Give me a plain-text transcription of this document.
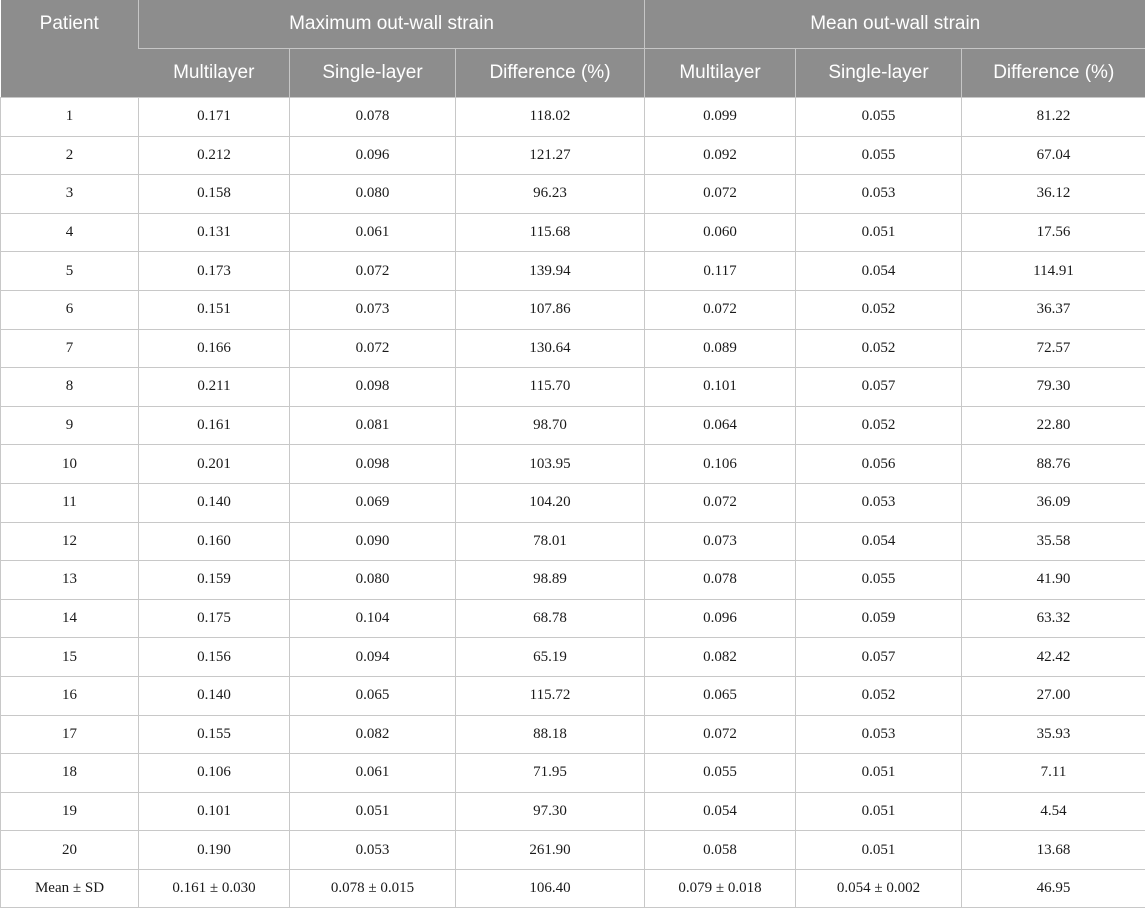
Patient	Maximum out-wall strain			Mean out-wall strain		
	Multilayer	Single-layer	Difference (%)	Multilayer	Single-layer	Difference (%)
1	0.171	0.078	118.02	0.099	0.055	81.22
2	0.212	0.096	121.27	0.092	0.055	67.04
3	0.158	0.080	96.23	0.072	0.053	36.12
4	0.131	0.061	115.68	0.060	0.051	17.56
5	0.173	0.072	139.94	0.117	0.054	114.91
6	0.151	0.073	107.86	0.072	0.052	36.37
7	0.166	0.072	130.64	0.089	0.052	72.57
8	0.211	0.098	115.70	0.101	0.057	79.30
9	0.161	0.081	98.70	0.064	0.052	22.80
10	0.201	0.098	103.95	0.106	0.056	88.76
11	0.140	0.069	104.20	0.072	0.053	36.09
12	0.160	0.090	78.01	0.073	0.054	35.58
13	0.159	0.080	98.89	0.078	0.055	41.90
14	0.175	0.104	68.78	0.096	0.059	63.32
15	0.156	0.094	65.19	0.082	0.057	42.42
16	0.140	0.065	115.72	0.065	0.052	27.00
17	0.155	0.082	88.18	0.072	0.053	35.93
18	0.106	0.061	71.95	0.055	0.051	7.11
19	0.101	0.051	97.30	0.054	0.051	4.54
20	0.190	0.053	261.90	0.058	0.051	13.68
Mean ± SD	0.161 ± 0.030	0.078 ± 0.015	106.40	0.079 ± 0.018	0.054 ± 0.002	46.95
